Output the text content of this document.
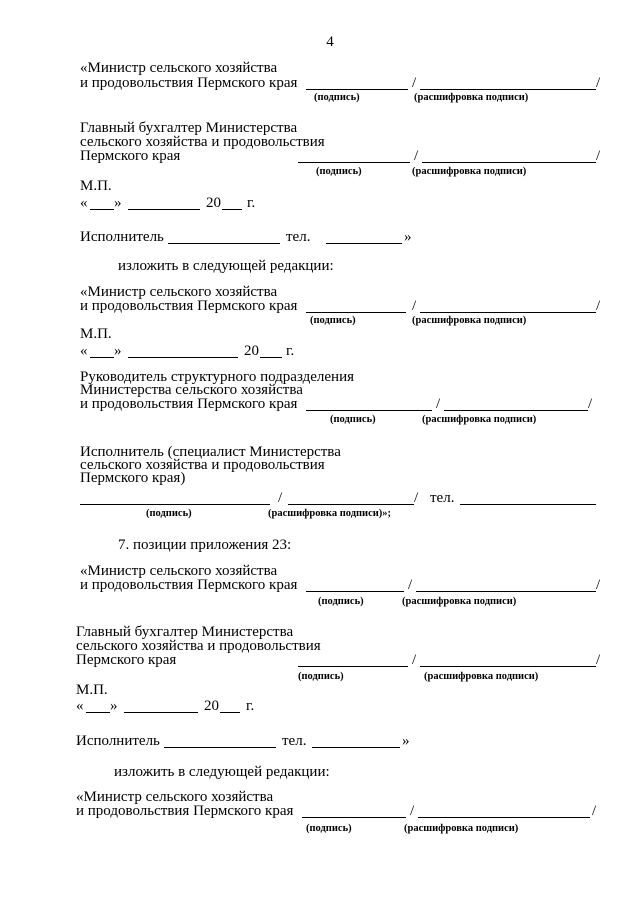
4
«Министр сельского хозяйства
и продовольствия Пермского края	/	/
(подпись)	(расшифровка подписи)
Главный бухгалтер Министерства
сельского хозяйства и продовольствия
Пермского края	/	/
(подпись)	(расшифровка подписи)
М.П.
« »	20 г.
Исполнитель	тел.	»
изложить в следующей редакции:
«Министр сельского хозяйства
и продовольствия Пермского края	/	/
(подпись)	(расшифровка подписи)
М.П.
« »	20 г.
Руководитель структурного подразделения
Министерства сельского хозяйства
и продовольствия Пермского края	/	/
(подпись)	(расшифровка подписи)
Исполнитель (специалист Министерства
сельского хозяйства и продовольствия
Пермского края)
/	/ тел.
(подпись)	(расшифровка подписи)»;
7. позиции приложения 23:
«Министр сельского хозяйства
и продовольствия Пермского края	/	/
(подпись)	(расшифровка подписи)
Главный бухгалтер Министерства
сельского хозяйства и продовольствия
Пермского края	/	/
(подпись)	(расшифровка подписи)
М.П.
« »	20 г.
Исполнитель	тел.	»
изложить в следующей редакции:
«Министр сельского хозяйства
и продовольствия Пермского края	/	/
(подпись)	(расшифровка подписи)
